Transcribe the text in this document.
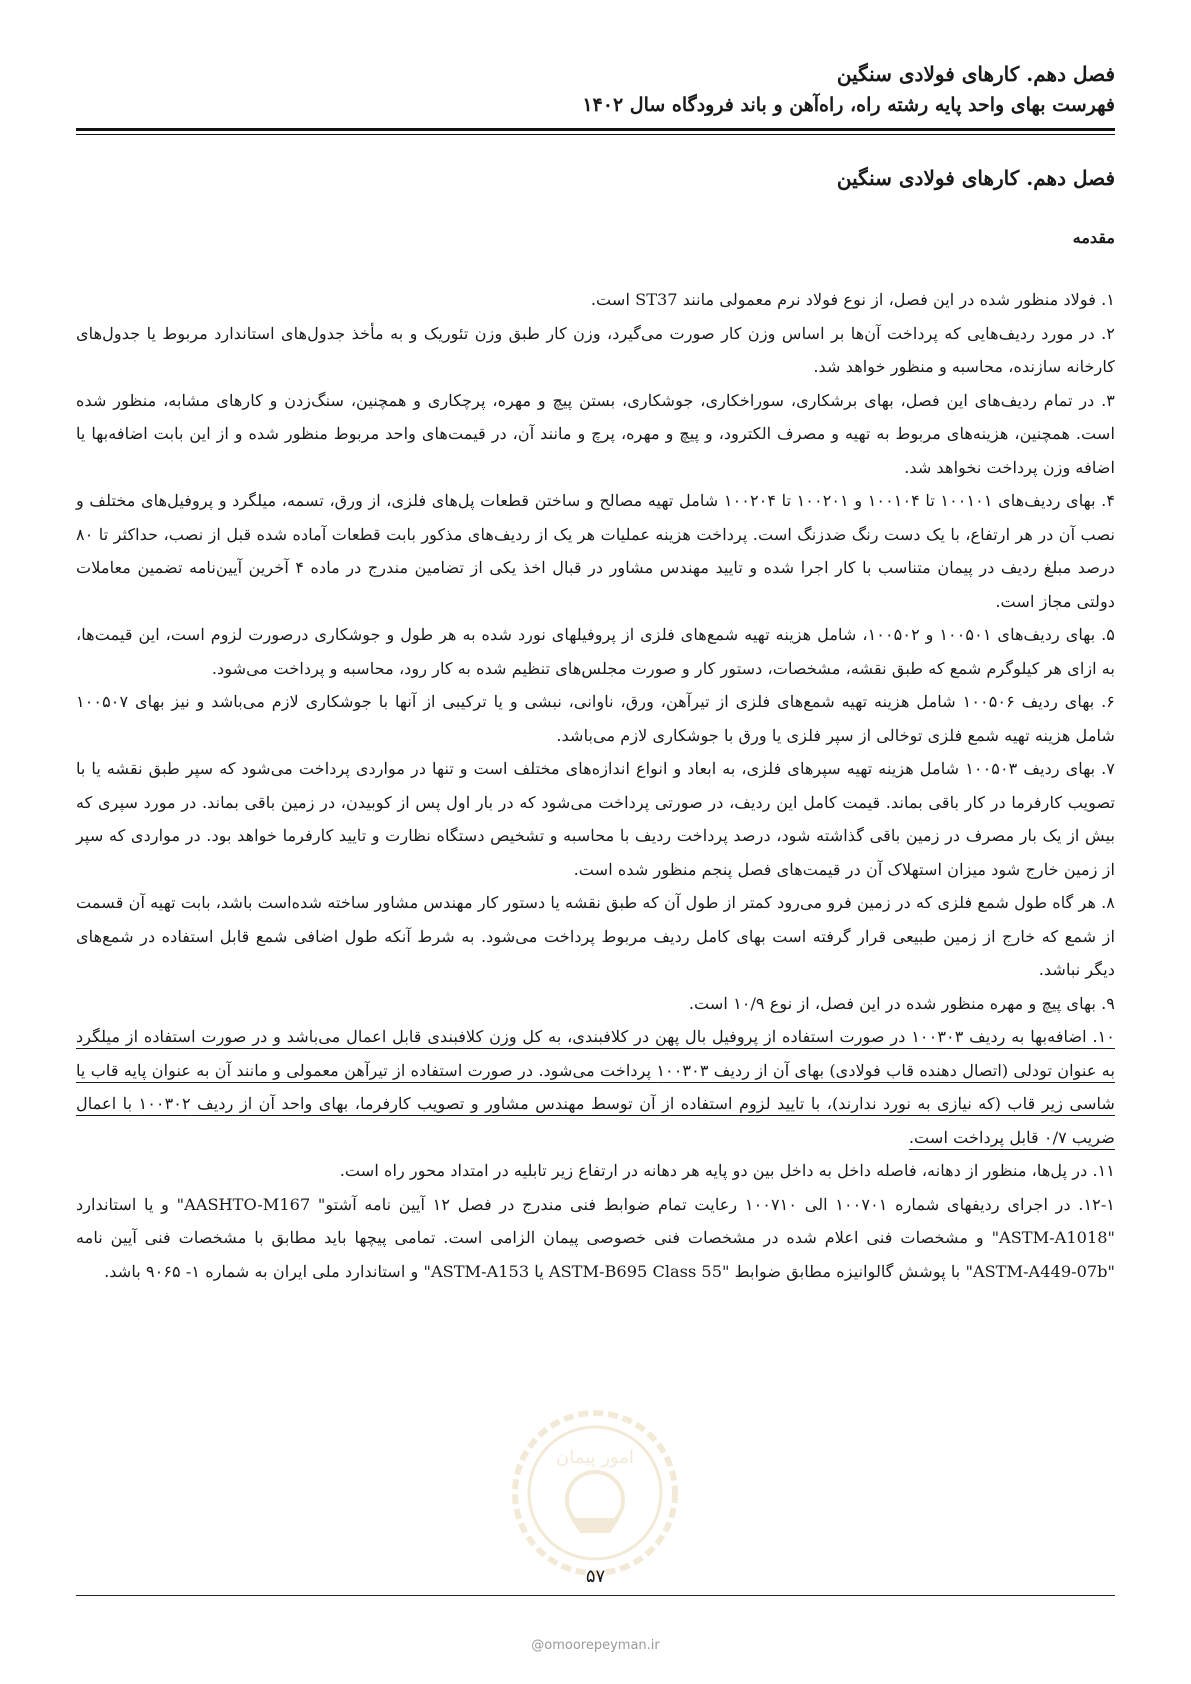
فصل دهم. کارهای فولادی سنگین
فهرست بهای واحد پایه رشته راه، راه‌آهن و باند فرودگاه سال ۱۴۰۲
فصل دهم. کارهای فولادی سنگین
مقدمه

۱. فولاد منظور شده در این فصل، از نوع فولاد نرم معمولی مانند ST37 است.

۲. در مورد ردیف‌هایی که پرداخت آن‌ها بر اساس وزن کار صورت می‌گیرد، وزن کار طبق وزن تئوریک و به مأخذ جدول‌های استاندارد مربوط یا جدول‌های کارخانه سازنده، محاسبه و منظور خواهد شد.

۳. در تمام ردیف‌های این فصل، بهای برشکاری، سوراخکاری، جوشکاری، بستن پیچ و مهره، پرچکاری و همچنین، سنگ‌زدن و کارهای مشابه، منظور شده است. همچنین، هزینه‌های مربوط به تهیه و مصرف الکترود، و پیچ و مهره، پرچ و مانند آن، در قیمت‌های واحد مربوط منظور شده و از این بابت اضافه‌بها یا اضافه وزن پرداخت نخواهد شد.

۴. بهای ردیف‌های ۱۰۰۱۰۱ تا ۱۰۰۱۰۴ و ۱۰۰۲۰۱ تا ۱۰۰۲۰۴ شامل تهیه مصالح و ساختن قطعات پل‌های فلزی، از ورق، تسمه، میلگرد و پروفیل‌های مختلف و نصب آن در هر ارتفاع، با یک دست رنگ ضدزنگ است. پرداخت هزینه عملیات هر یک از ردیف‌های مذکور بابت قطعات آماده شده قبل از نصب، حداکثر تا ۸۰ درصد مبلغ ردیف در پیمان متناسب با کار اجرا شده و تایید مهندس مشاور در قبال اخذ یکی از تضامین مندرج در ماده ۴ آخرین آیین‌نامه تضمین معاملات دولتی مجاز است.

۵. بهای ردیف‌های ۱۰۰۵۰۱ و ۱۰۰۵۰۲، شامل هزینه تهیه شمع‌های فلزی از پروفیلهای نورد شده به هر طول و جوشکاری درصورت لزوم است، این قیمت‌ها، به ازای هر کیلوگرم شمع که طبق نقشه، مشخصات، دستور کار و صورت مجلس‌های تنظیم شده به کار رود، محاسبه و پرداخت می‌شود.

۶. بهای ردیف ۱۰۰۵۰۶ شامل هزینه تهیه شمع‌های فلزی از تیرآهن، ورق، ناوانی، نبشی و یا ترکیبی از آنها با جوشکاری لازم می‌باشد و نیز بهای ۱۰۰۵۰۷ شامل هزینه تهیه شمع فلزی توخالی از سپر فلزی یا ورق با جوشکاری لازم می‌باشد.

۷. بهای ردیف ۱۰۰۵۰۳ شامل هزینه تهیه سپرهای فلزی، به ابعاد و انواع اندازه‌های مختلف است و تنها در مواردی پرداخت می‌شود که سپر طبق نقشه یا با تصویب کارفرما در کار باقی بماند. قیمت کامل این ردیف، در صورتی پرداخت می‌شود که در بار اول پس از کوبیدن، در زمین باقی بماند. در مورد سپری که بیش از یک بار مصرف در زمین باقی گذاشته شود، درصد پرداخت ردیف با محاسبه و تشخیص دستگاه نظارت و تایید کارفرما خواهد بود. در مواردی که سپر از زمین خارج شود میزان استهلاک آن در قیمت‌های فصل پنجم منظور شده است.

۸. هر گاه طول شمع فلزی که در زمین فرو می‌رود کمتر از طول آن که طبق نقشه یا دستور کار مهندس مشاور ساخته شده‌است باشد، بابت تهیه آن قسمت از شمع که خارج از زمین طبیعی قرار گرفته است بهای کامل ردیف مربوط پرداخت می‌شود. به شرط آنکه طول اضافی شمع قابل استفاده در شمع‌های دیگر نباشد.

۹. بهای پیچ و مهره منظور شده در این فصل، از نوع ۱۰/۹ است.

۱۰. اضافه‌بها به ردیف ۱۰۰۳۰۳ در صورت استفاده از پروفیل بال پهن در کلافبندی، به کل وزن کلافبندی قابل اعمال می‌باشد و در صورت استفاده از میلگرد به عنوان تودلی (اتصال دهنده قاب فولادی) بهای آن از ردیف ۱۰۰۳۰۳ پرداخت می‌شود. در صورت استفاده از تیرآهن معمولی و مانند آن به عنوان پایه قاب یا شاسی زیر قاب (که نیازی به نورد ندارند)، با تایید لزوم استفاده از آن توسط مهندس مشاور و تصویب کارفرما، بهای واحد آن از ردیف ۱۰۰۳۰۲ با اعمال ضریب ۰/۷ قابل پرداخت است.

۱۱. در پل‌ها، منظور از دهانه، فاصله داخل به داخل بین دو پایه هر دهانه در ارتفاع زیر تابلیه در امتداد محور راه است.

۱۲-۱. در اجرای ردیفهای شماره ۱۰۰۷۰۱ الی ۱۰۰۷۱۰ رعایت تمام ضوابط فنی مندرج در فصل ۱۲ آیین نامه آشتو" AASHTO-M167" و یا استاندارد "ASTM-A1018" و مشخصات فنی اعلام شده در مشخصات فنی خصوصی پیمان الزامی است. تمامی پیچها باید مطابق با مشخصات فنی آیین نامه "ASTM-A449-07b" با پوشش گالوانیزه مطابق ضوابط "ASTM-B695 Class 55 یا ASTM-A153" و استاندارد ملی ایران به شماره ۱- ۹۰۶۵ باشد.

امور پیمان
۵۷
@omoorepeyman.ir
